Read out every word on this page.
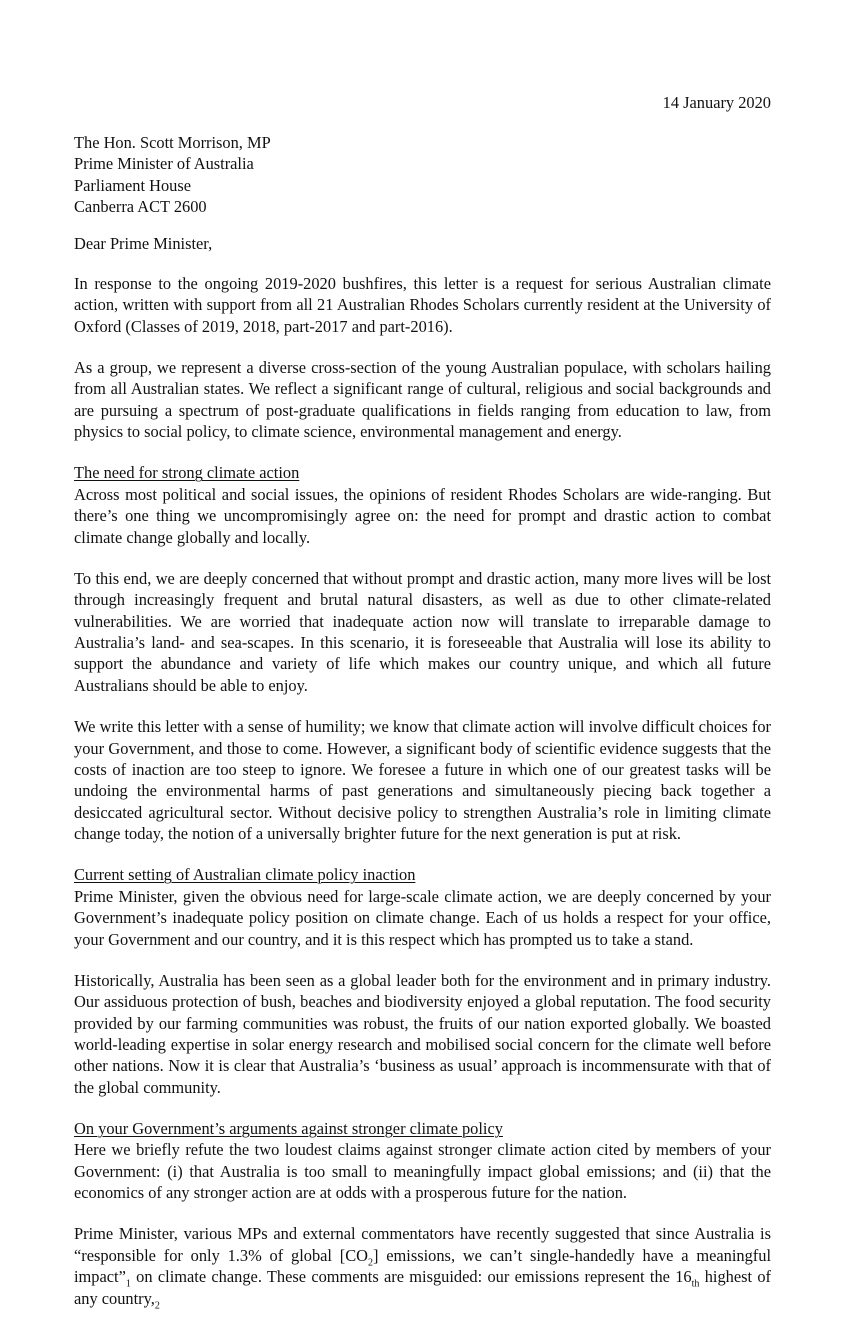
14 January 2020
The Hon. Scott Morrison, MP
Prime Minister of Australia
Parliament House
Canberra ACT 2600
Dear Prime Minister,

In response to the ongoing 2019-2020 bushfires, this letter is a request for serious Australian climate action, written with support from all 21 Australian Rhodes Scholars currently resident at the University of Oxford (Classes of 2019, 2018, part-2017 and part-2016).

As a group, we represent a diverse cross-section of the young Australian populace, with scholars hailing from all Australian states. We reflect a significant range of cultural, religious and social backgrounds and are pursuing a spectrum of post-graduate qualifications in fields ranging from education to law, from physics to social policy, to climate science, environmental management and energy.

The need for strong climate action

Across most political and social issues, the opinions of resident Rhodes Scholars are wide-ranging. But there’s one thing we uncompromisingly agree on: the need for prompt and drastic action to combat climate change globally and locally.

To this end, we are deeply concerned that without prompt and drastic action, many more lives will be lost through increasingly frequent and brutal natural disasters, as well as due to other climate-related vulnerabilities. We are worried that inadequate action now will translate to irreparable damage to Australia’s land- and sea-scapes. In this scenario, it is foreseeable that Australia will lose its ability to support the abundance and variety of life which makes our country unique, and which all future Australians should be able to enjoy.

We write this letter with a sense of humility; we know that climate action will involve difficult choices for your Government, and those to come. However, a significant body of scientific evidence suggests that the costs of inaction are too steep to ignore. We foresee a future in which one of our greatest tasks will be undoing the environmental harms of past generations and simultaneously piecing back together a desiccated agricultural sector. Without decisive policy to strengthen Australia’s role in limiting climate change today, the notion of a universally brighter future for the next generation is put at risk.

Current setting of Australian climate policy inaction

Prime Minister, given the obvious need for large-scale climate action, we are deeply concerned by your Government’s inadequate policy position on climate change. Each of us holds a respect for your office, your Government and our country, and it is this respect which has prompted us to take a stand.

Historically, Australia has been seen as a global leader both for the environment and in primary industry. Our assiduous protection of bush, beaches and biodiversity enjoyed a global reputation. The food security provided by our farming communities was robust, the fruits of our nation exported globally. We boasted world-leading expertise in solar energy research and mobilised social concern for the climate well before other nations. Now it is clear that Australia’s ‘business as usual’ approach is incommensurate with that of the global community.

On your Government’s arguments against stronger climate policy

Here we briefly refute the two loudest claims against stronger climate action cited by members of your Government: (i) that Australia is too small to meaningfully impact global emissions; and (ii) that the economics of any stronger action are at odds with a prosperous future for the nation.

Prime Minister, various MPs and external commentators have recently suggested that since Australia is “responsible for only 1.3% of global $[CO_2]$ emissions, we can’t single-handedly have a meaningful $impact”_1$ on climate change. These comments are misguided: our emissions represent the $16_{th}$ highest of any $country,_2$
